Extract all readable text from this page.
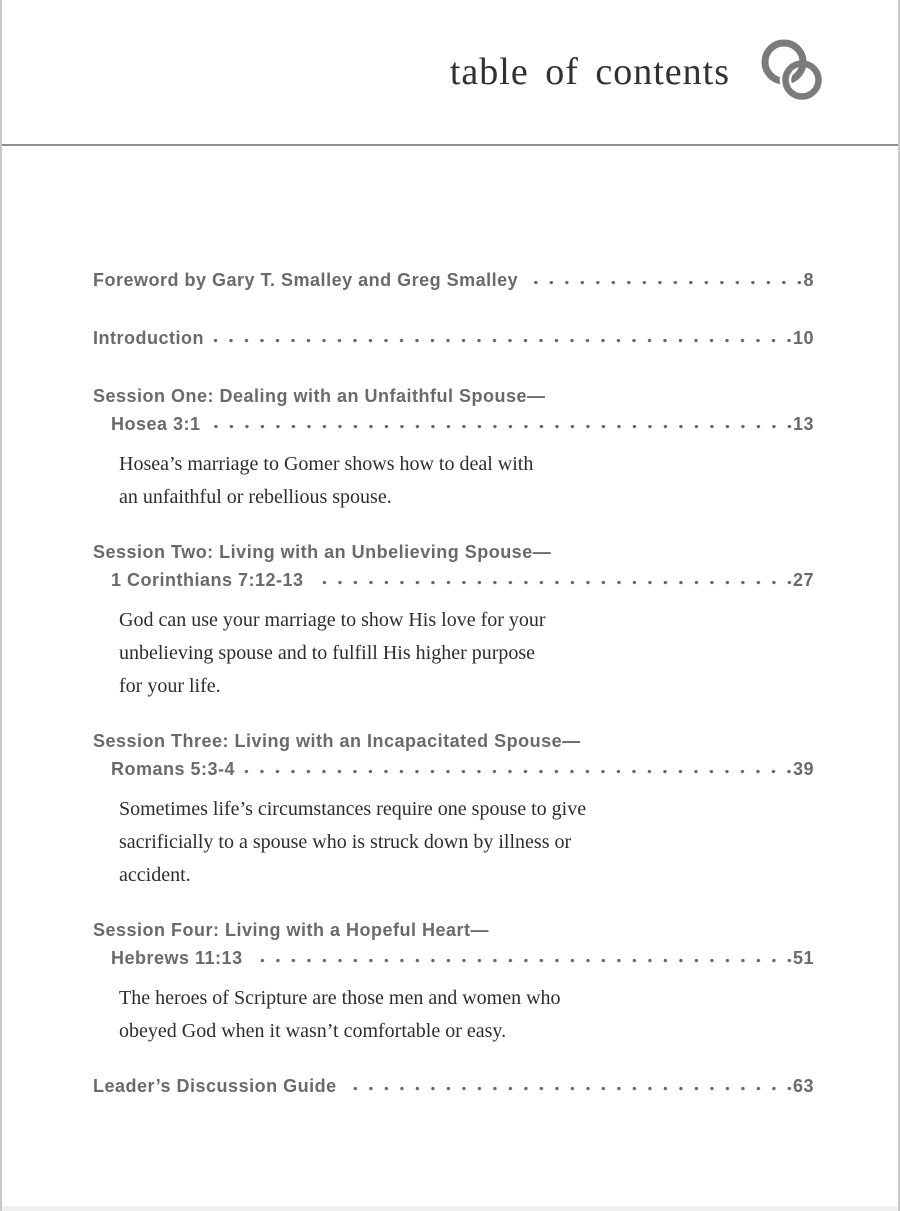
table of contents
Foreword by Gary T. Smalley and Greg Smalley	8
Introduction	10
Session One: Dealing with an Unfaithful Spouse—
Hosea 3:1	13
Hosea’s marriage to Gomer shows how to deal with
an unfaithful or rebellious spouse.
Session Two: Living with an Unbelieving Spouse—
1 Corinthians 7:12-13	27
God can use your marriage to show His love for your
unbelieving spouse and to fulfill His higher purpose
for your life.
Session Three: Living with an Incapacitated Spouse—
Romans 5:3-4	39
Sometimes life’s circumstances require one spouse to give
sacrificially to a spouse who is struck down by illness or
accident.
Session Four: Living with a Hopeful Heart—
Hebrews 11:13	51
The heroes of Scripture are those men and women who
obeyed God when it wasn’t comfortable or easy.
Leader’s Discussion Guide	63
